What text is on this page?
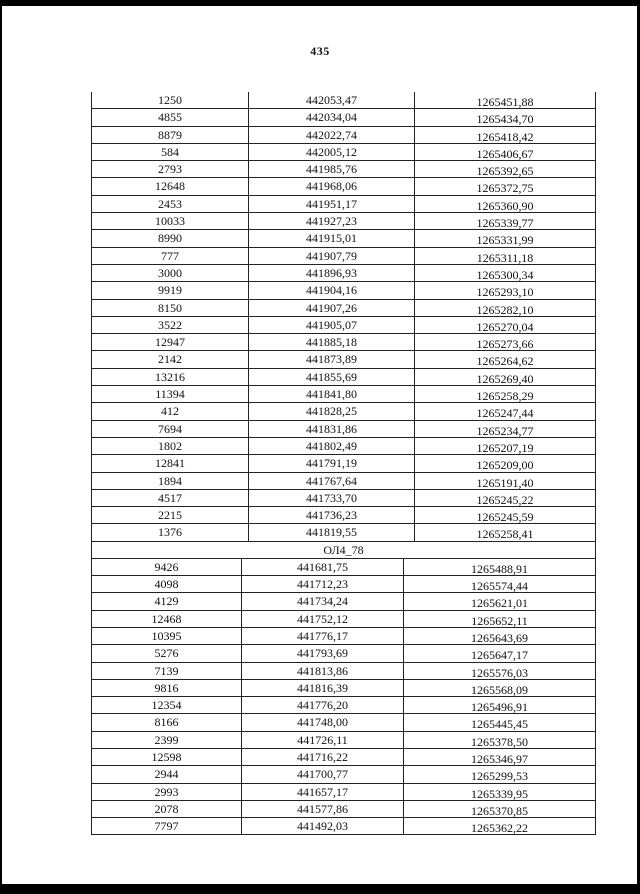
435
1250	442053,47	1265451,88
4855	442034,04	1265434,70
8879	442022,74	1265418,42
584	442005,12	1265406,67
2793	441985,76	1265392,65
12648	441968,06	1265372,75
2453	441951,17	1265360,90
10033	441927,23	1265339,77
8990	441915,01	1265331,99
777	441907,79	1265311,18
3000	441896,93	1265300,34
9919	441904,16	1265293,10
8150	441907,26	1265282,10
3522	441905,07	1265270,04
12947	441885,18	1265273,66
2142	441873,89	1265264,62
13216	441855,69	1265269,40
11394	441841,80	1265258,29
412	441828,25	1265247,44
7694	441831,86	1265234,77
1802	441802,49	1265207,19
12841	441791,19	1265209,00
1894	441767,64	1265191,40
4517	441733,70	1265245,22
2215	441736,23	1265245,59
1376	441819,55	1265258,41
ОЛ4_78
9426	441681,75	1265488,91
4098	441712,23	1265574,44
4129	441734,24	1265621,01
12468	441752,12	1265652,11
10395	441776,17	1265643,69
5276	441793,69	1265647,17
7139	441813,86	1265576,03
9816	441816,39	1265568,09
12354	441776,20	1265496,91
8166	441748,00	1265445,45
2399	441726,11	1265378,50
12598	441716,22	1265346,97
2944	441700,77	1265299,53
2993	441657,17	1265339,95
2078	441577,86	1265370,85
7797	441492,03	1265362,22
